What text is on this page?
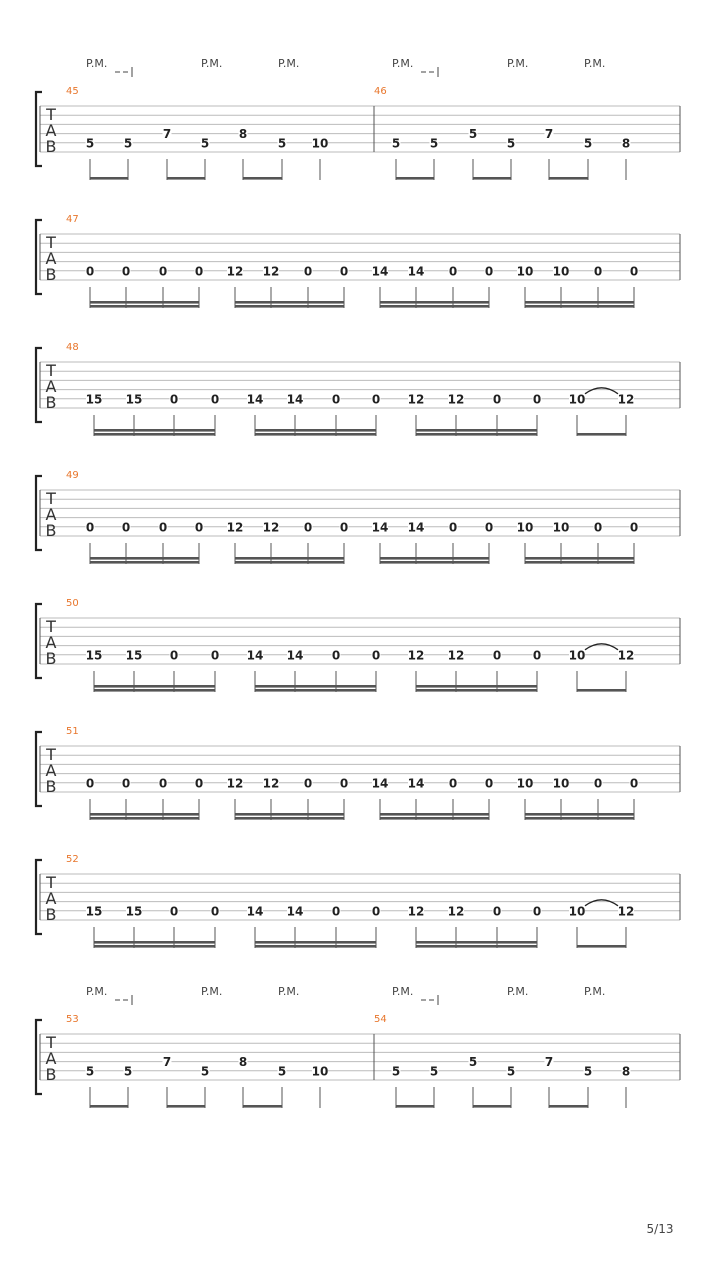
T
A
B
45
5 5
7
5
8
5 10
P.M.	P.M.	P.M.
46
5 5
5
5
7
5 8
P.M.	P.M.	P.M.
T
A
B
47
0 0 0 0 12 12 0 0 14 14 0 0 10 10 0 0
T
A
B
48
15 15 0	0 14 14 0	0 12 12 0	0 10	12
T
A
B
49
0 0 0 0 12 12 0 0 14 14 0 0 10 10 0 0
T
A
B
50
15 15 0	0 14 14 0	0 12 12 0	0 10	12
T
A
B
51
0 0 0 0 12 12 0 0 14 14 0 0 10 10 0 0
T
A
B
52
15 15 0	0 14 14 0	0 12 12 0	0 10	12
T
A
B
53
5 5
7
5
8
5 10
P.M.	P.M.	P.M.
54
5 5
5
5
7
5 8
P.M.	P.M.	P.M.
5/13
